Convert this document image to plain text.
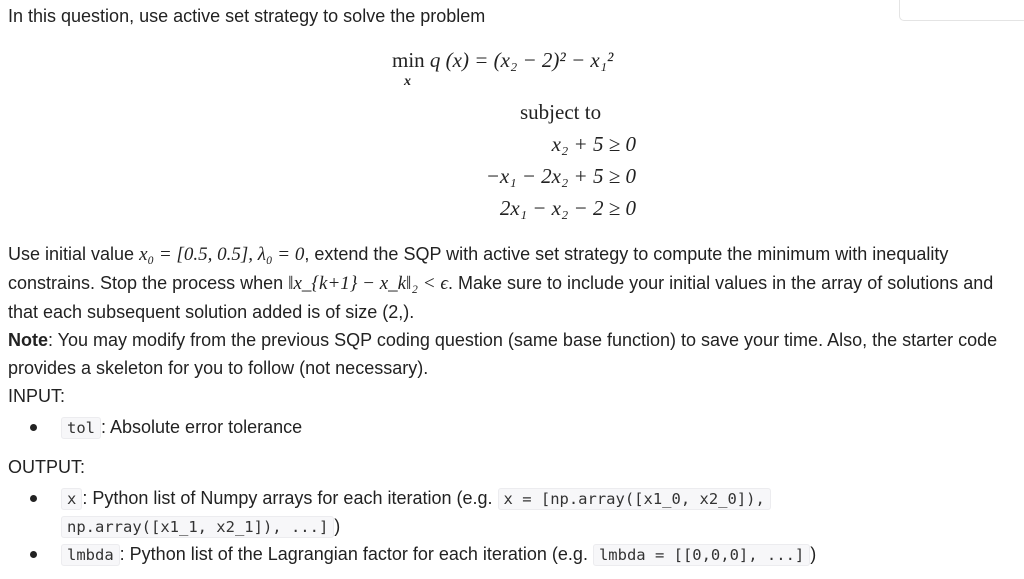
In this question, use active set strategy to solve the problem
min
x
q (x) = (x₂ − 2)² − x₁²
subject to
x₂ + 5 ≥ 0
−x₁ − 2x₂ + 5 ≥ 0
2x₁ − x₂ − 2 ≥ 0

Use initial value x₀ = [0.5, 0.5], λ₀ = 0, extend the SQP with active set strategy to compute the minimum with inequality constrains. Stop the process when ‖x_{k+1} − x_k‖₂ < ϵ. Make sure to include your initial values in the array of solutions and that each subsequent solution added is of size (2,).

Note: You may modify from the previous SQP coding question (same base function) to save your time. Also, the starter code provides a skeleton for you to follow (not necessary).

INPUT:
tol : Absolute error tolerance
OUTPUT:
x : Python list of Numpy arrays for each iteration (e.g. x = [np.array([x1_0, x2_0]),
np.array([x1_1, x2_1]), ...] )
lmbda : Python list of the Lagrangian factor for each iteration (e.g. lmbda = [[0,0,0], ...] )
